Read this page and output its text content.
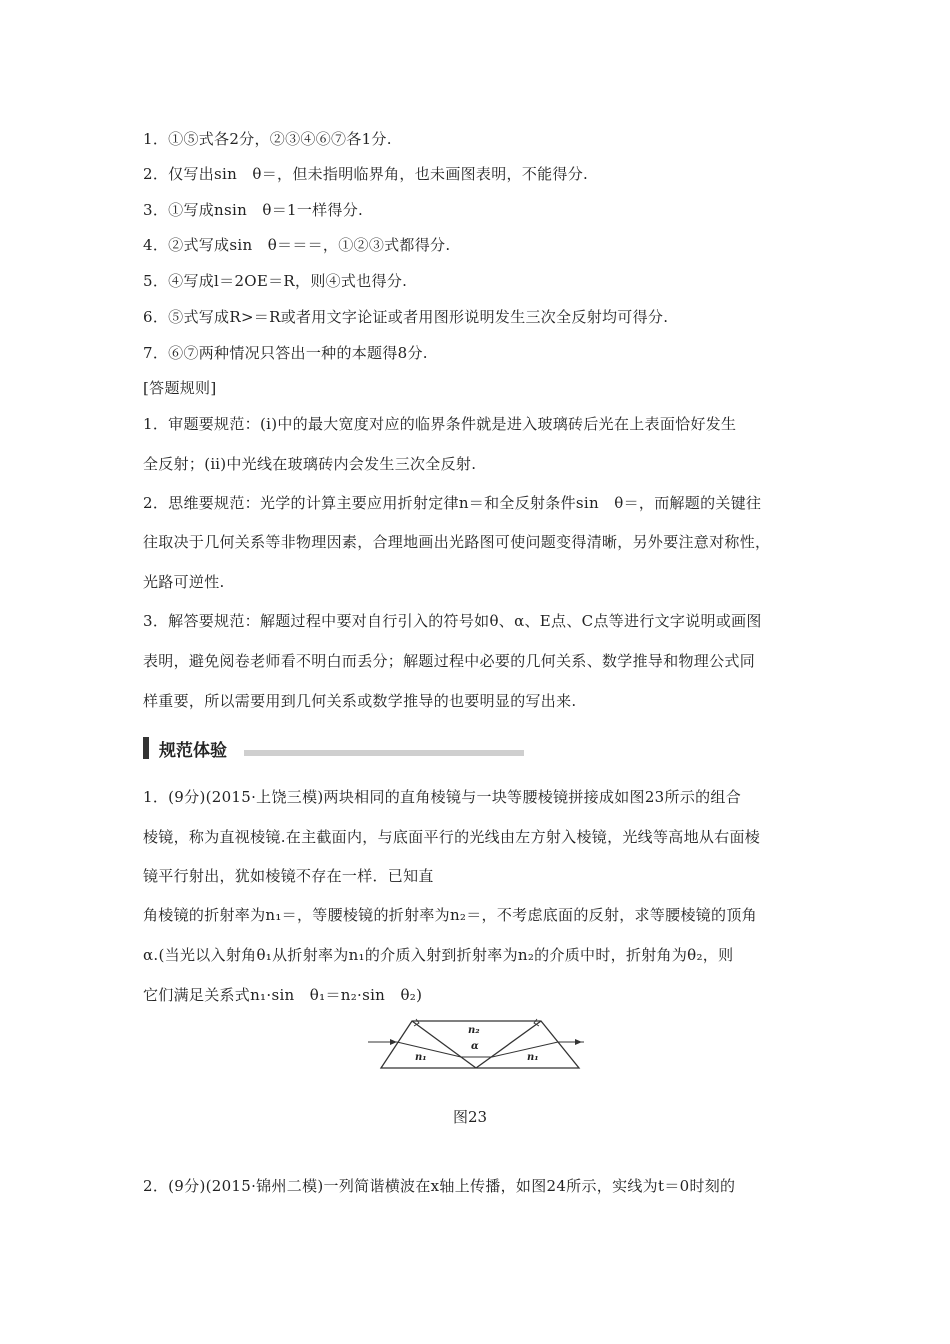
1．①⑤式各2分，②③④⑥⑦各1分.
2．仅写出sin　θ＝，但未指明临界角，也未画图表明，不能得分.
3．①写成nsin　θ＝1一样得分.
4．②式写成sin　θ＝＝＝，①②③式都得分.
5．④写成l＝2OE＝R，则④式也得分.
6．⑤式写成R>＝R或者用文字论证或者用图形说明发生三次全反射均可得分.
7．⑥⑦两种情况只答出一种的本题得8分.
[答题规则]
1．审题要规范：(ⅰ)中的最大宽度对应的临界条件就是进入玻璃砖后光在上表面恰好发生
全反射；(ⅱ)中光线在玻璃砖内会发生三次全反射.
2．思维要规范：光学的计算主要应用折射定律n＝和全反射条件sin　θ＝，而解题的关键往
往取决于几何关系等非物理因素，合理地画出光路图可使问题变得清晰，另外要注意对称性，
光路可逆性.
3．解答要规范：解题过程中要对自行引入的符号如θ、α、E点、C点等进行文字说明或画图
表明，避免阅卷老师看不明白而丢分；解题过程中必要的几何关系、数学推导和物理公式同
样重要，所以需要用到几何关系或数学推导的也要明显的写出来.
规范体验
1．(9分)(2015·上饶三模)两块相同的直角棱镜与一块等腰棱镜拼接成如图23所示的组合
棱镜，称为直视棱镜.在主截面内，与底面平行的光线由左方射入棱镜，光线等高地从右面棱
镜平行射出，犹如棱镜不存在一样．已知直
角棱镜的折射率为n₁＝，等腰棱镜的折射率为n₂＝，不考虑底面的反射，求等腰棱镜的顶角
α.(当光以入射角θ₁从折射率为n₁的介质入射到折射率为n₂的介质中时，折射角为θ₂，则
它们满足关系式n₁·sin　θ₁＝n₂·sin　θ₂)
n₂
α
n₁	n₁
图23
2．(9分)(2015·锦州二模)一列简谐横波在x轴上传播，如图24所示，实线为t＝0时刻的
